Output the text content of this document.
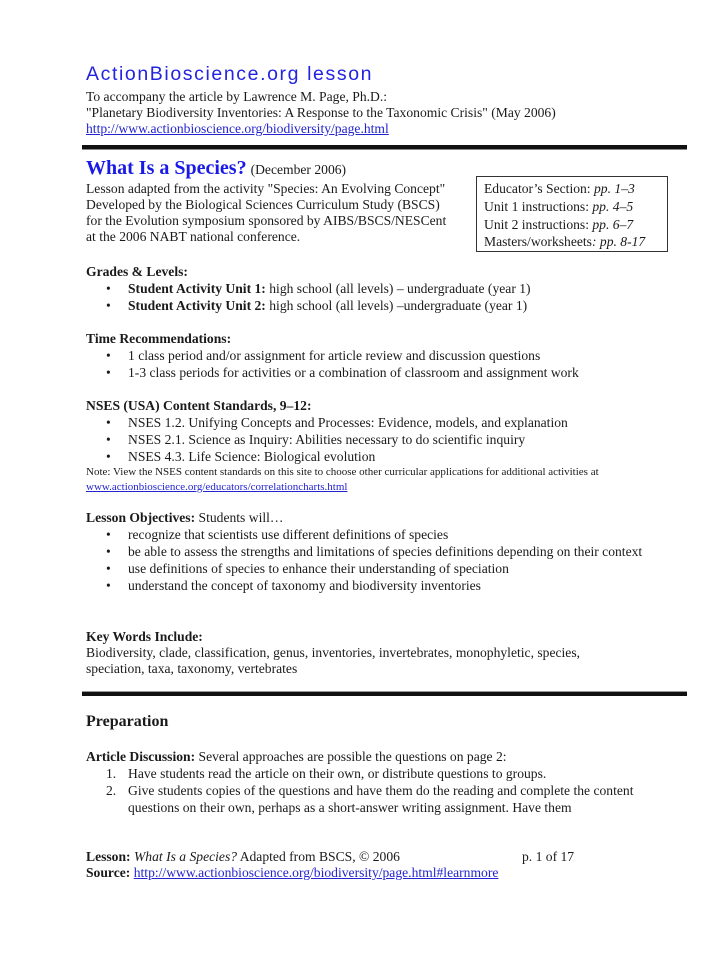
ActionBioscience.org lesson
To accompany the article by Lawrence M. Page, Ph.D.:
"Planetary Biodiversity Inventories: A Response to the Taxonomic Crisis" (May 2006)
http://www.actionbioscience.org/biodiversity/page.html
What Is a Species? (December 2006)
Lesson adapted from the activity "Species: An Evolving Concept"
Developed by the Biological Sciences Curriculum Study (BSCS)
for the Evolution symposium sponsored by AIBS/BSCS/NESCent
at the 2006 NABT national conference.
Educator’s Section: pp. 1–3
Unit 1 instructions: pp. 4–5
Unit 2 instructions: pp. 6–7
Masters/worksheets: pp. 8-17
Grades & Levels:
• Student Activity Unit 1: high school (all levels) – undergraduate (year 1)
• Student Activity Unit 2: high school (all levels) –undergraduate (year 1)
Time Recommendations:
• 1 class period and/or assignment for article review and discussion questions
• 1-3 class periods for activities or a combination of classroom and assignment work
NSES (USA) Content Standards, 9–12:
• NSES 1.2. Unifying Concepts and Processes: Evidence, models, and explanation
• NSES 2.1. Science as Inquiry: Abilities necessary to do scientific inquiry
• NSES 4.3. Life Science: Biological evolution
Note: View the NSES content standards on this site to choose other curricular applications for additional activities at
www.actionbioscience.org/educators/correlationcharts.html
Lesson Objectives: Students will…
• recognize that scientists use different definitions of species
• be able to assess the strengths and limitations of species definitions depending on their context
• use definitions of species to enhance their understanding of speciation
• understand the concept of taxonomy and biodiversity inventories
Key Words Include:
Biodiversity, clade, classification, genus, inventories, invertebrates, monophyletic, species,
speciation, taxa, taxonomy, vertebrates
Preparation
Article Discussion: Several approaches are possible the questions on page 2:
1. Have students read the article on their own, or distribute questions to groups.
2. Give students copies of the questions and have them do the reading and complete the content questions on their own, perhaps as a short-answer writing assignment. Have them
Lesson: What Is a Species? Adapted from BSCS, © 2006	p. 1 of 17
Source: http://www.actionbioscience.org/biodiversity/page.html#learnmore
